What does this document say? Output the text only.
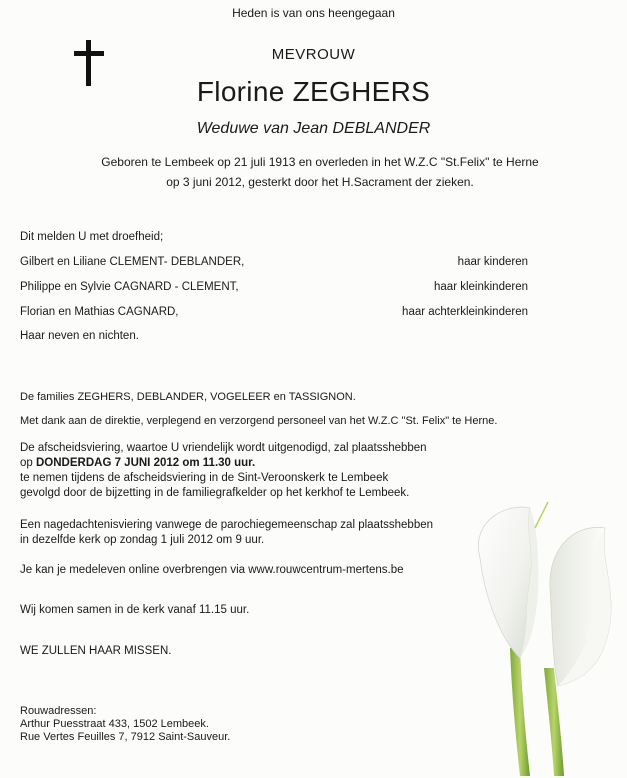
Heden is van ons heengegaan
MEVROUW
Florine ZEGHERS
Weduwe van Jean DEBLANDER
Geboren te Lembeek op 21 juli 1913 en overleden in het W.Z.C "St.Felix" te Herne
op 3 juni 2012, gesterkt door het H.Sacrament der zieken.
Dit melden U met droefheid;
Gilbert en Liliane CLEMENT- DEBLANDER,	haar kinderen
Philippe en Sylvie CAGNARD - CLEMENT,	haar kleinkinderen
Florian en Mathias CAGNARD,	haar achterkleinkinderen
Haar neven en nichten.
De families ZEGHERS, DEBLANDER, VOGELEER en TASSIGNON.
Met dank aan de direktie, verplegend en verzorgend personeel van het W.Z.C "St. Felix" te Herne.
De afscheidsviering, waartoe U vriendelijk wordt uitgenodigd, zal plaatsshebben
op DONDERDAG 7 JUNI 2012 om 11.30 uur.
te nemen tijdens de afscheidsviering in de Sint-Veroonskerk te Lembeek
gevolgd door de bijzetting in de familiegrafkelder op het kerkhof te Lembeek.
Een nagedachtenisviering vanwege de parochiegemeenschap zal plaatsshebben
in dezelfde kerk op zondag 1 juli 2012 om 9 uur.
Je kan je medeleven online overbrengen via www.rouwcentrum-mertens.be
Wij komen samen in de kerk vanaf 11.15 uur.
WE ZULLEN HAAR MISSEN.
Rouwadressen:
Arthur Puesstraat 433, 1502 Lembeek.
Rue Vertes Feuilles 7, 7912 Saint-Sauveur.
